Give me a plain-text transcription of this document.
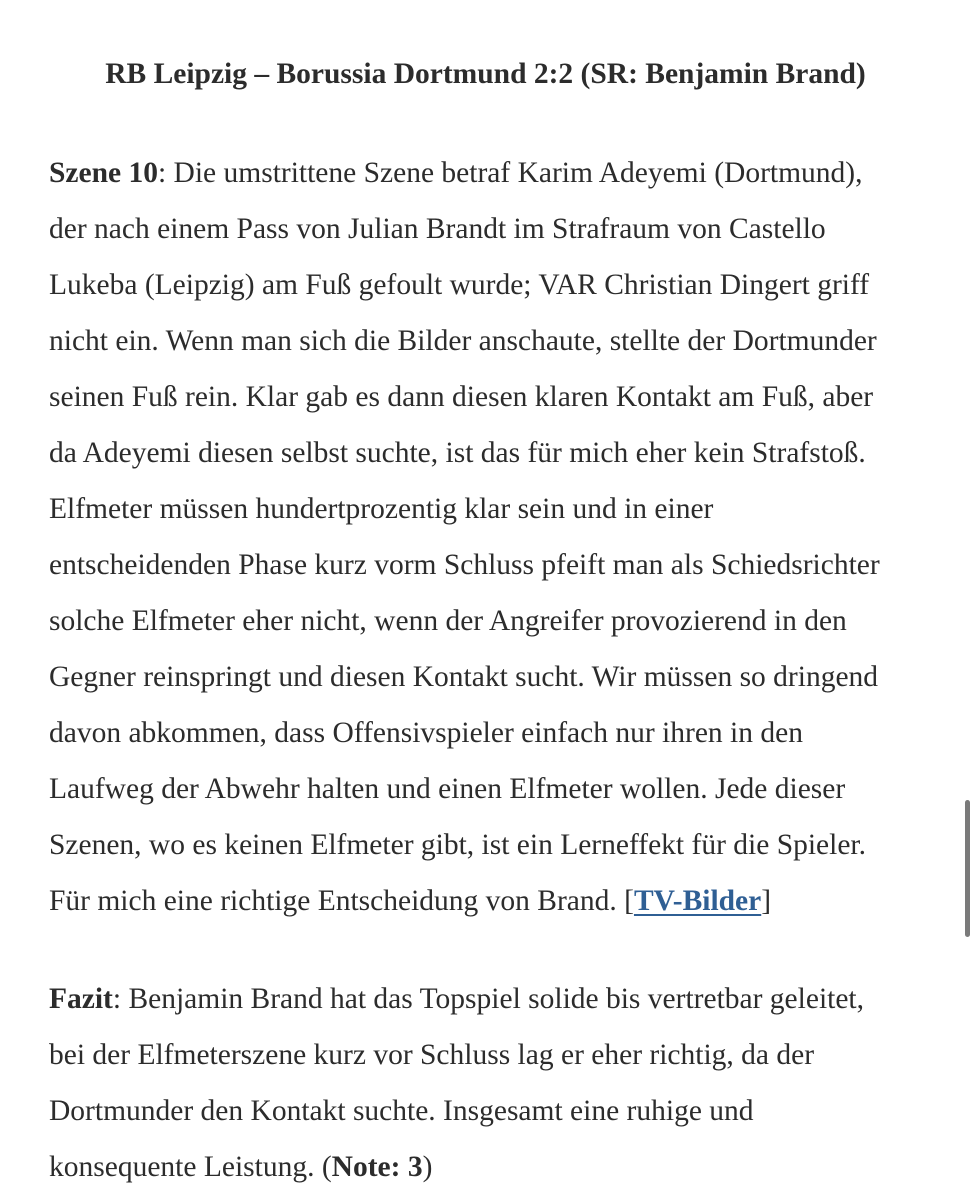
RB Leipzig – Borussia Dortmund 2:2 (SR: Benjamin Brand)

Szene 10: Die umstrittene Szene betraf Karim Adeyemi (Dortmund),
der nach einem Pass von Julian Brandt im Strafraum von Castello
Lukeba (Leipzig) am Fuß gefoult wurde; VAR Christian Dingert griff
nicht ein. Wenn man sich die Bilder anschaute, stellte der Dortmunder
seinen Fuß rein. Klar gab es dann diesen klaren Kontakt am Fuß, aber
da Adeyemi diesen selbst suchte, ist das für mich eher kein Strafstoß.
Elfmeter müssen hundertprozentig klar sein und in einer
entscheidenden Phase kurz vorm Schluss pfeift man als Schiedsrichter
solche Elfmeter eher nicht, wenn der Angreifer provozierend in den
Gegner reinspringt und diesen Kontakt sucht. Wir müssen so dringend
davon abkommen, dass Offensivspieler einfach nur ihren in den
Laufweg der Abwehr halten und einen Elfmeter wollen. Jede dieser
Szenen, wo es keinen Elfmeter gibt, ist ein Lerneffekt für die Spieler.
Für mich eine richtige Entscheidung von Brand. [TV-Bilder]

Fazit: Benjamin Brand hat das Topspiel solide bis vertretbar geleitet,
bei der Elfmeterszene kurz vor Schluss lag er eher richtig, da der
Dortmunder den Kontakt suchte. Insgesamt eine ruhige und
konsequente Leistung. (Note: 3)
